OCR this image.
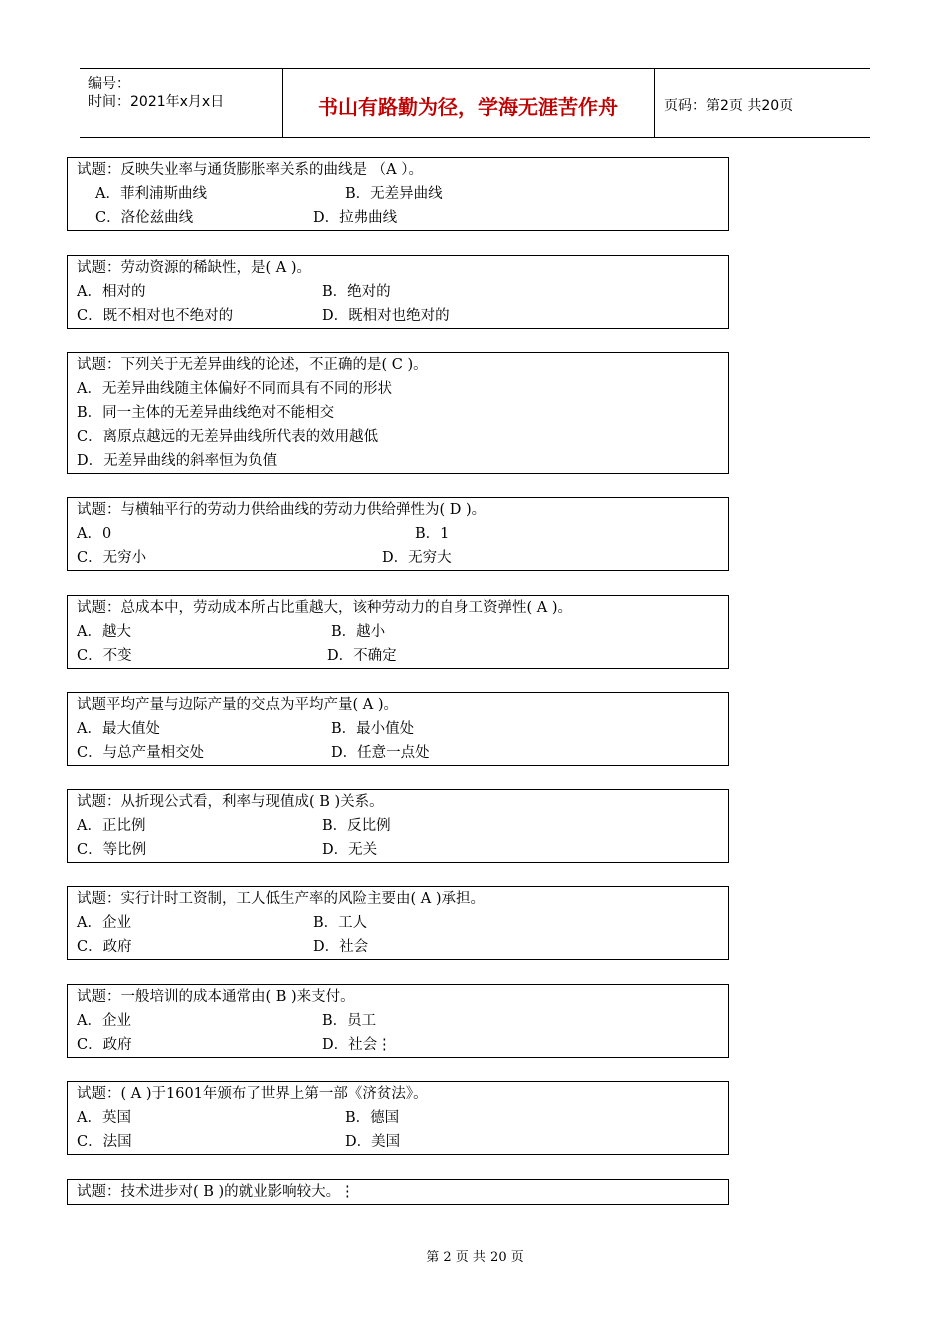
编号：
时间：2021年x月x日	书山有路勤为径，学海无涯苦作舟	页码：第2页 共20页
试题：反映失业率与通货膨胀率关系的曲线是 （A ）。
A．菲利浦斯曲线	B．无差异曲线
C．洛伦兹曲线	D．拉弗曲线
试题：劳动资源的稀缺性，是( A )。
A．相对的	B．绝对的
C．既不相对也不绝对的	D．既相对也绝对的
试题：下列关于无差异曲线的论述，不正确的是( C )。
A．无差异曲线随主体偏好不同而具有不同的形状
B．同一主体的无差异曲线绝对不能相交
C．离原点越远的无差异曲线所代表的效用越低
D．无差异曲线的斜率恒为负值
试题：与横轴平行的劳动力供给曲线的劳动力供给弹性为( D )。
A．0	B．1
C．无穷小	D．无穷大
试题：总成本中，劳动成本所占比重越大，该种劳动力的自身工资弹性( A )。
A．越大	B．越小
C．不变	D．不确定
试题平均产量与边际产量的交点为平均产量( A )。
A．最大值处	B．最小值处
C．与总产量相交处	D．任意一点处
试题：从折现公式看，利率与现值成( B )关系。
A．正比例	B．反比例
C．等比例	D．无关
试题：实行计时工资制，工人低生产率的风险主要由( A )承担。
A．企业	B．工人
C．政府	D．社会
试题：一般培训的成本通常由( B )来支付。
A．企业	B．员工
C．政府	D．社会⋮
试题：( A )于1601年颁布了世界上第一部《济贫法》。
A．英国	B．德国
C．法国	D．美国
试题：技术进步对( B )的就业影响较大。⋮
第 2 页 共 20 页
